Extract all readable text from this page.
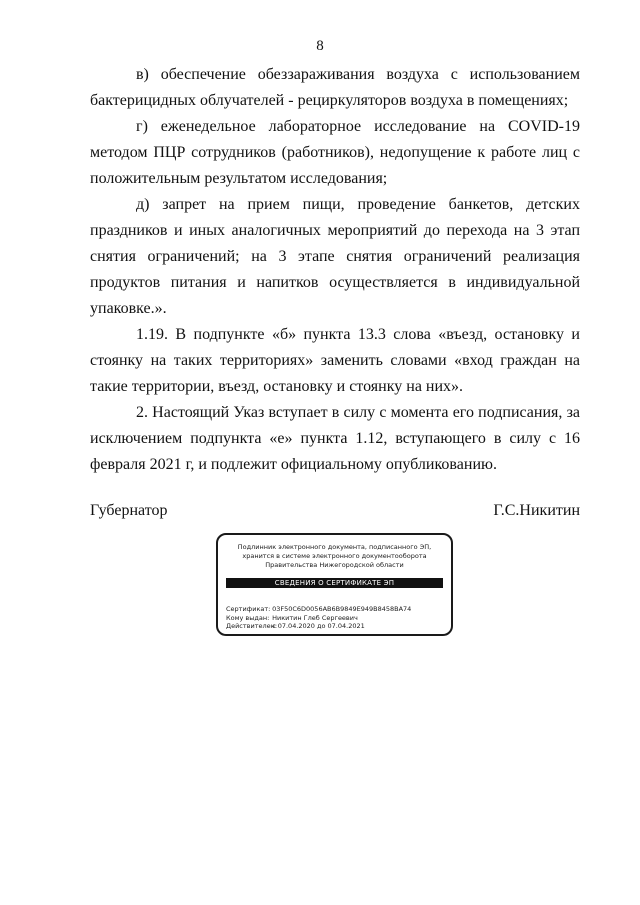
8

в) обеспечение обеззараживания воздуха с использованием бактерицидных облучателей - рециркуляторов воздуха в помещениях;

г) еженедельное лабораторное исследование на COVID-19 методом ПЦР сотрудников (работников), недопущение к работе лиц с положительным результатом исследования;

д) запрет на прием пищи, проведение банкетов, детских праздников и иных аналогичных мероприятий до перехода на 3 этап снятия ограничений; на 3 этапе снятия ограничений реализация продуктов питания и напитков осуществляется в индивидуальной упаковке.».

1.19. В подпункте «б» пункта 13.3 слова «въезд, остановку и стоянку на таких территориях» заменить словами «вход граждан на такие территории, въезд, остановку и стоянку на них».

2. Настоящий Указ вступает в силу с момента его подписания, за исключением подпункта «е» пункта 1.12, вступающего в силу с 16 февраля 2021 г, и подлежит официальному опубликованию.

Губернатор	Г.С.Никитин
Подлинник электронного документа, подписанного ЭП,
хранится в системе электронного документооборота
Правительства Нижегородской области
СВЕДЕНИЯ О СЕРТИФИКАТЕ ЭП
Сертификат: 03F50C6D0056AB6B9849E949B8458BA74
Кому выдан: Никитин Глеб Сергеевич
Действителен: с 07.04.2020 до 07.04.2021
